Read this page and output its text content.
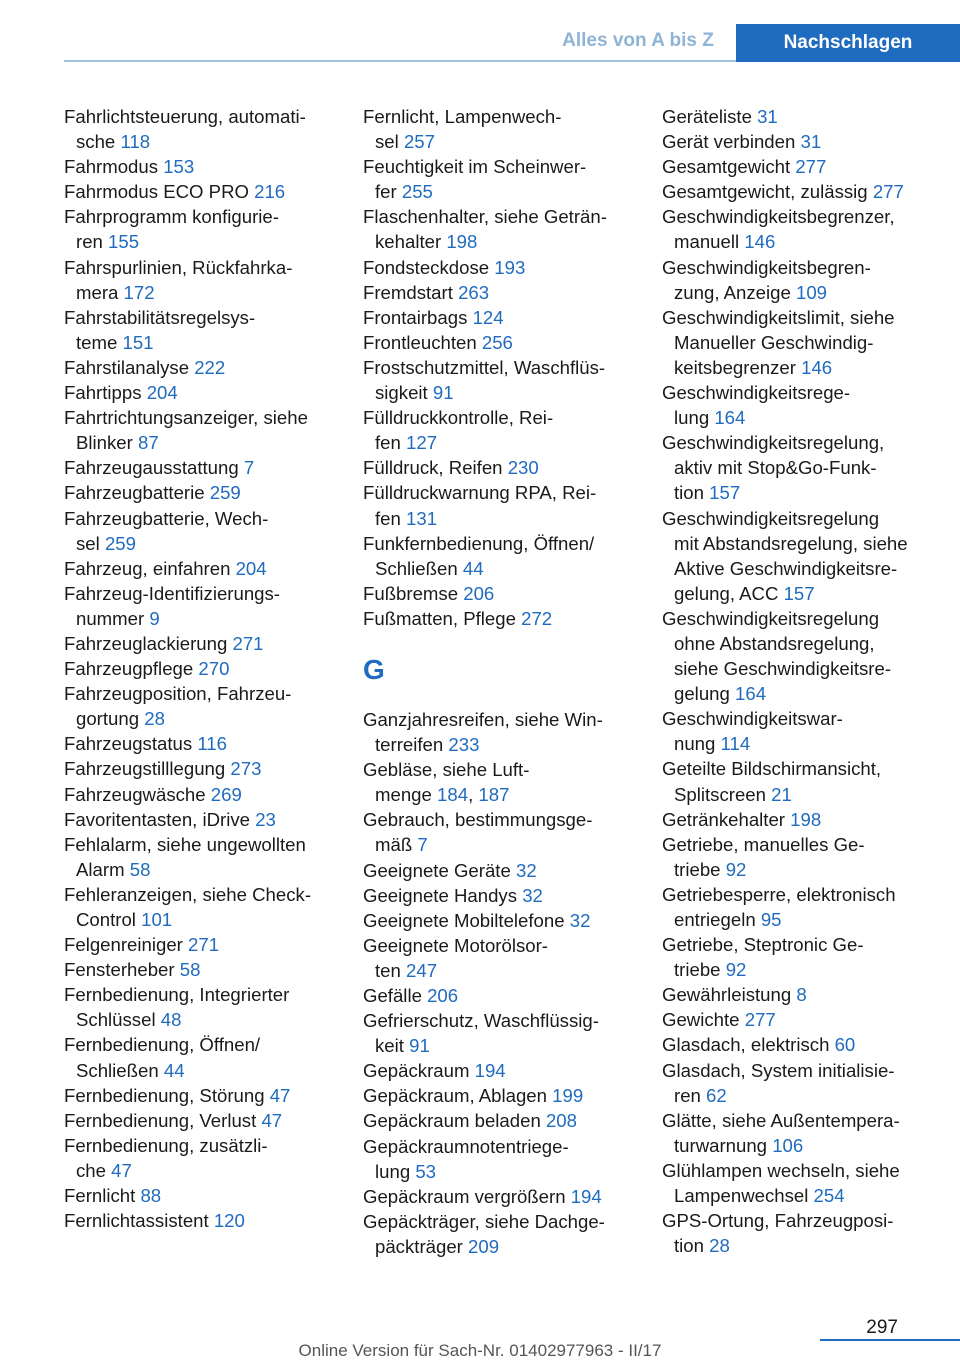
Alles von A bis Z	Nachschlagen
Fahrlichtsteuerung, automati-
sche 118
Fahrmodus 153
Fahrmodus ECO PRO 216
Fahrprogramm konfigurie-
ren 155
Fahrspurlinien, Rückfahrka-
mera 172
Fahrstabilitätsregelsys-
teme 151
Fahrstilanalyse 222
Fahrtipps 204
Fahrtrichtungsanzeiger, siehe
Blinker 87
Fahrzeugausstattung 7
Fahrzeugbatterie 259
Fahrzeugbatterie, Wech-
sel 259
Fahrzeug, einfahren 204
Fahrzeug-Identifizierungs-
nummer 9
Fahrzeuglackierung 271
Fahrzeugpflege 270
Fahrzeugposition, Fahrzeu-
gortung 28
Fahrzeugstatus 116
Fahrzeugstilllegung 273
Fahrzeugwäsche 269
Favoritentasten, iDrive 23
Fehlalarm, siehe ungewollten
Alarm 58
Fehleranzeigen, siehe Check-
Control 101
Felgenreiniger 271
Fensterheber 58
Fernbedienung, Integrierter
Schlüssel 48
Fernbedienung, Öffnen/
Schließen 44
Fernbedienung, Störung 47
Fernbedienung, Verlust 47
Fernbedienung, zusätzli-
che 47
Fernlicht 88
Fernlichtassistent 120
Fernlicht, Lampenwech-
sel 257
Feuchtigkeit im Scheinwer-
fer 255
Flaschenhalter, siehe Geträn-
kehalter 198
Fondsteckdose 193
Fremdstart 263
Frontairbags 124
Frontleuchten 256
Frostschutzmittel, Waschflüs-
sigkeit 91
Fülldruckkontrolle, Rei-
fen 127
Fülldruck, Reifen 230
Fülldruckwarnung RPA, Rei-
fen 131
Funkfernbedienung, Öffnen/
Schließen 44
Fußbremse 206
Fußmatten, Pflege 272
G
Ganzjahresreifen, siehe Win-
terreifen 233
Gebläse, siehe Luft-
menge 184, 187
Gebrauch, bestimmungsge-
mäß 7
Geeignete Geräte 32
Geeignete Handys 32
Geeignete Mobiltelefone 32
Geeignete Motorölsor-
ten 247
Gefälle 206
Gefrierschutz, Waschflüssig-
keit 91
Gepäckraum 194
Gepäckraum, Ablagen 199
Gepäckraum beladen 208
Gepäckraumnotentriege-
lung 53
Gepäckraum vergrößern 194
Gepäckträger, siehe Dachge-
päckträger 209
Geräteliste 31
Gerät verbinden 31
Gesamtgewicht 277
Gesamtgewicht, zulässig 277
Geschwindigkeitsbegrenzer,
manuell 146
Geschwindigkeitsbegren-
zung, Anzeige 109
Geschwindigkeitslimit, siehe
Manueller Geschwindig-
keitsbegrenzer 146
Geschwindigkeitsrege-
lung 164
Geschwindigkeitsregelung,
aktiv mit Stop&Go-Funk-
tion 157
Geschwindigkeitsregelung
mit Abstandsregelung, siehe
Aktive Geschwindigkeitsre-
gelung, ACC 157
Geschwindigkeitsregelung
ohne Abstandsregelung,
siehe Geschwindigkeitsre-
gelung 164
Geschwindigkeitswar-
nung 114
Geteilte Bildschirmansicht,
Splitscreen 21
Getränkehalter 198
Getriebe, manuelles Ge-
triebe 92
Getriebesperre, elektronisch
entriegeln 95
Getriebe, Steptronic Ge-
triebe 92
Gewährleistung 8
Gewichte 277
Glasdach, elektrisch 60
Glasdach, System initialisie-
ren 62
Glätte, siehe Außentempera-
turwarnung 106
Glühlampen wechseln, siehe
Lampenwechsel 254
GPS-Ortung, Fahrzeugposi-
tion 28
297
Online Version für Sach-Nr. 01402977963 - II/17
